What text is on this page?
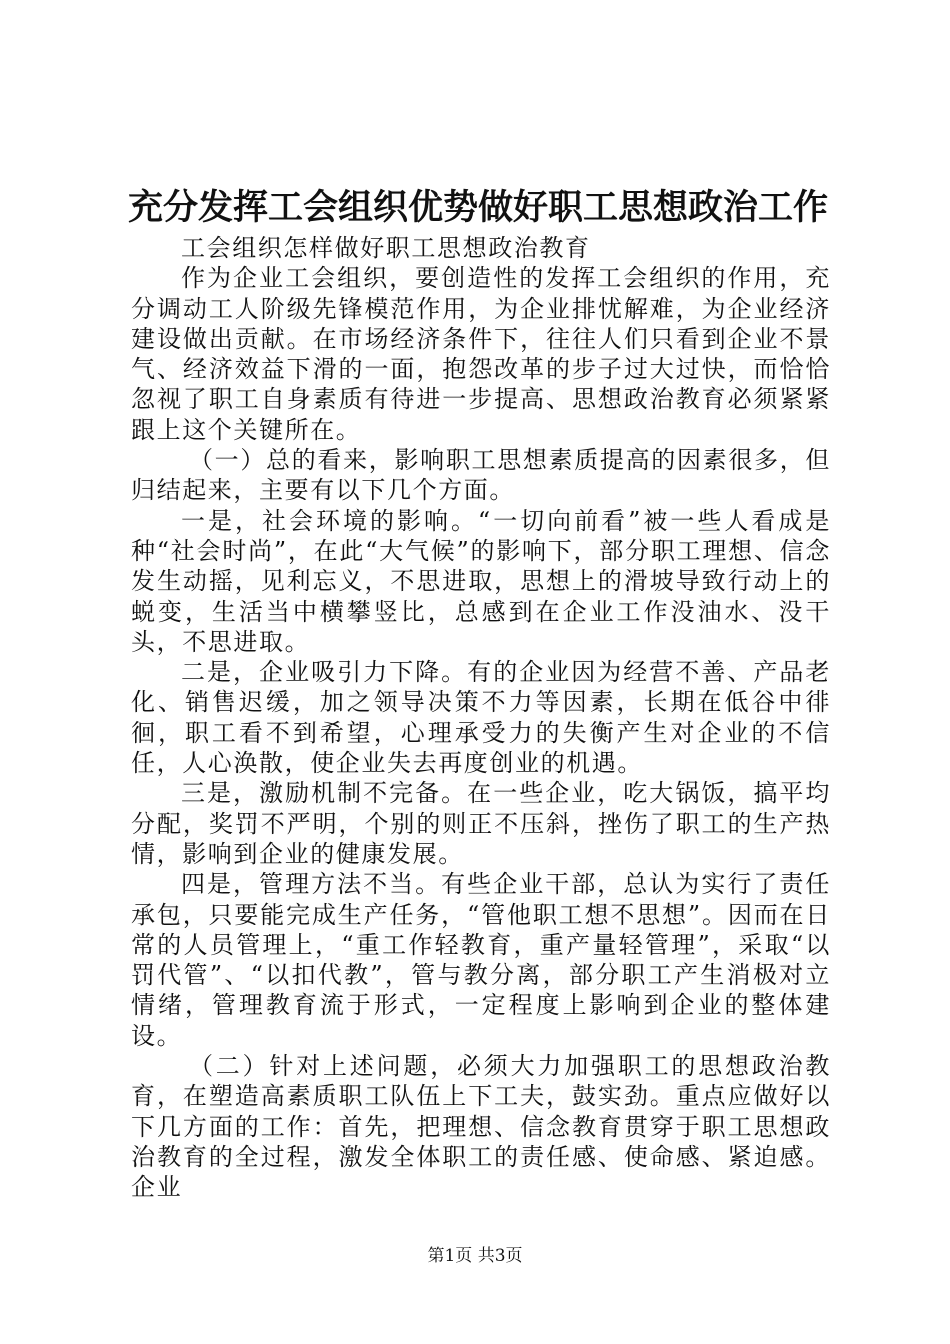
充分发挥工会组织优势做好职工思想政治工作

工会组织怎样做好职工思想政治教育

作为企业工会组织，要创造性的发挥工会组织的作用，充分调动工人阶级先锋模范作用，为企业排忧解难，为企业经济建设做出贡献。在市场经济条件下，往往人们只看到企业不景气、经济效益下滑的一面，抱怨改革的步子过大过快，而恰恰忽视了职工自身素质有待进一步提高、思想政治教育必须紧紧跟上这个关键所在。

（一）总的看来，影响职工思想素质提高的因素很多，但归结起来，主要有以下几个方面。

一是，社会环境的影响。“一切向前看”被一些人看成是种“社会时尚”，在此“大气候”的影响下，部分职工理想、信念发生动摇，见利忘义，不思进取，思想上的滑坡导致行动上的蜕变，生活当中横攀竖比，总感到在企业工作没油水、没干头，不思进取。

二是，企业吸引力下降。有的企业因为经营不善、产品老化、销售迟缓，加之领导决策不力等因素，长期在低谷中徘徊，职工看不到希望，心理承受力的失衡产生对企业的不信任，人心涣散，使企业失去再度创业的机遇。

三是，激励机制不完备。在一些企业，吃大锅饭，搞平均分配，奖罚不严明，个别的则正不压斜，挫伤了职工的生产热情，影响到企业的健康发展。

四是，管理方法不当。有些企业干部，总认为实行了责任承包，只要能完成生产任务，“管他职工想不思想”。因而在日常的人员管理上，“重工作轻教育，重产量轻管理”，采取“以罚代管”、“以扣代教”，管与教分离，部分职工产生消极对立情绪，管理教育流于形式，一定程度上影响到企业的整体建设。

（二）针对上述问题，必须大力加强职工的思想政治教育，在塑造高素质职工队伍上下工夫，鼓实劲。重点应做好以下几方面的工作：首先，把理想、信念教育贯穿于职工思想政治教育的全过程，激发全体职工的责任感、使命感、紧迫感。企业

第1页 共3页
